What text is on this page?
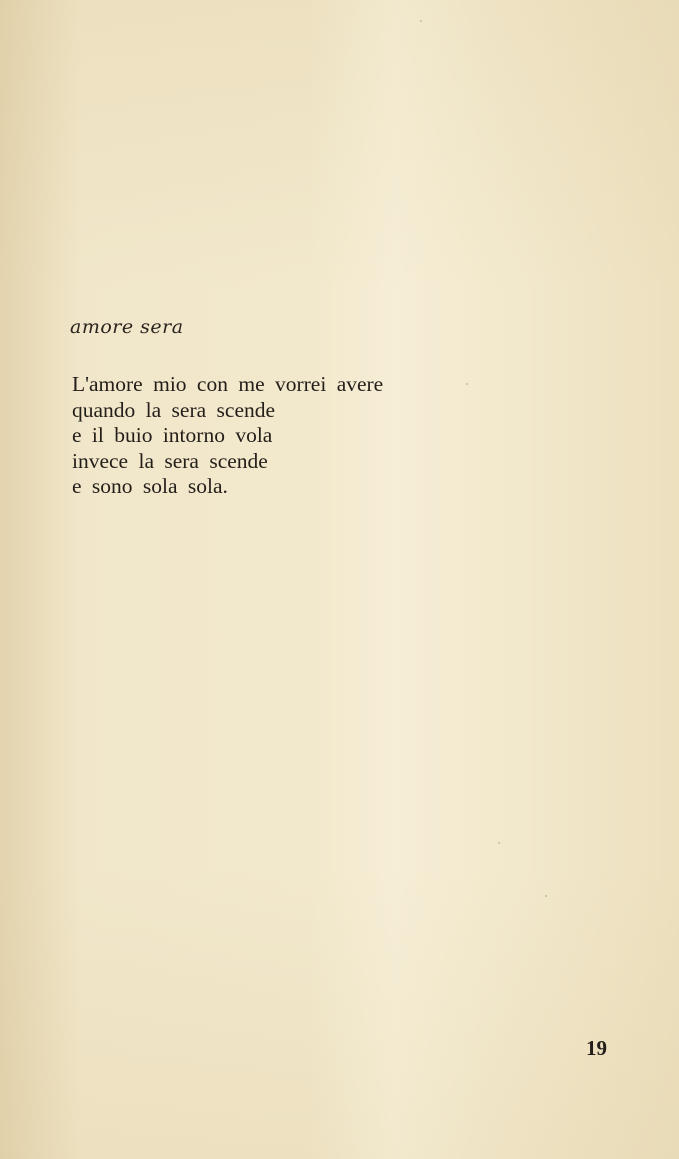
amore sera
L'amore mio con me vorrei avere
quando la sera scende
e il buio intorno vola
invece la sera scende
e sono sola sola.

19
